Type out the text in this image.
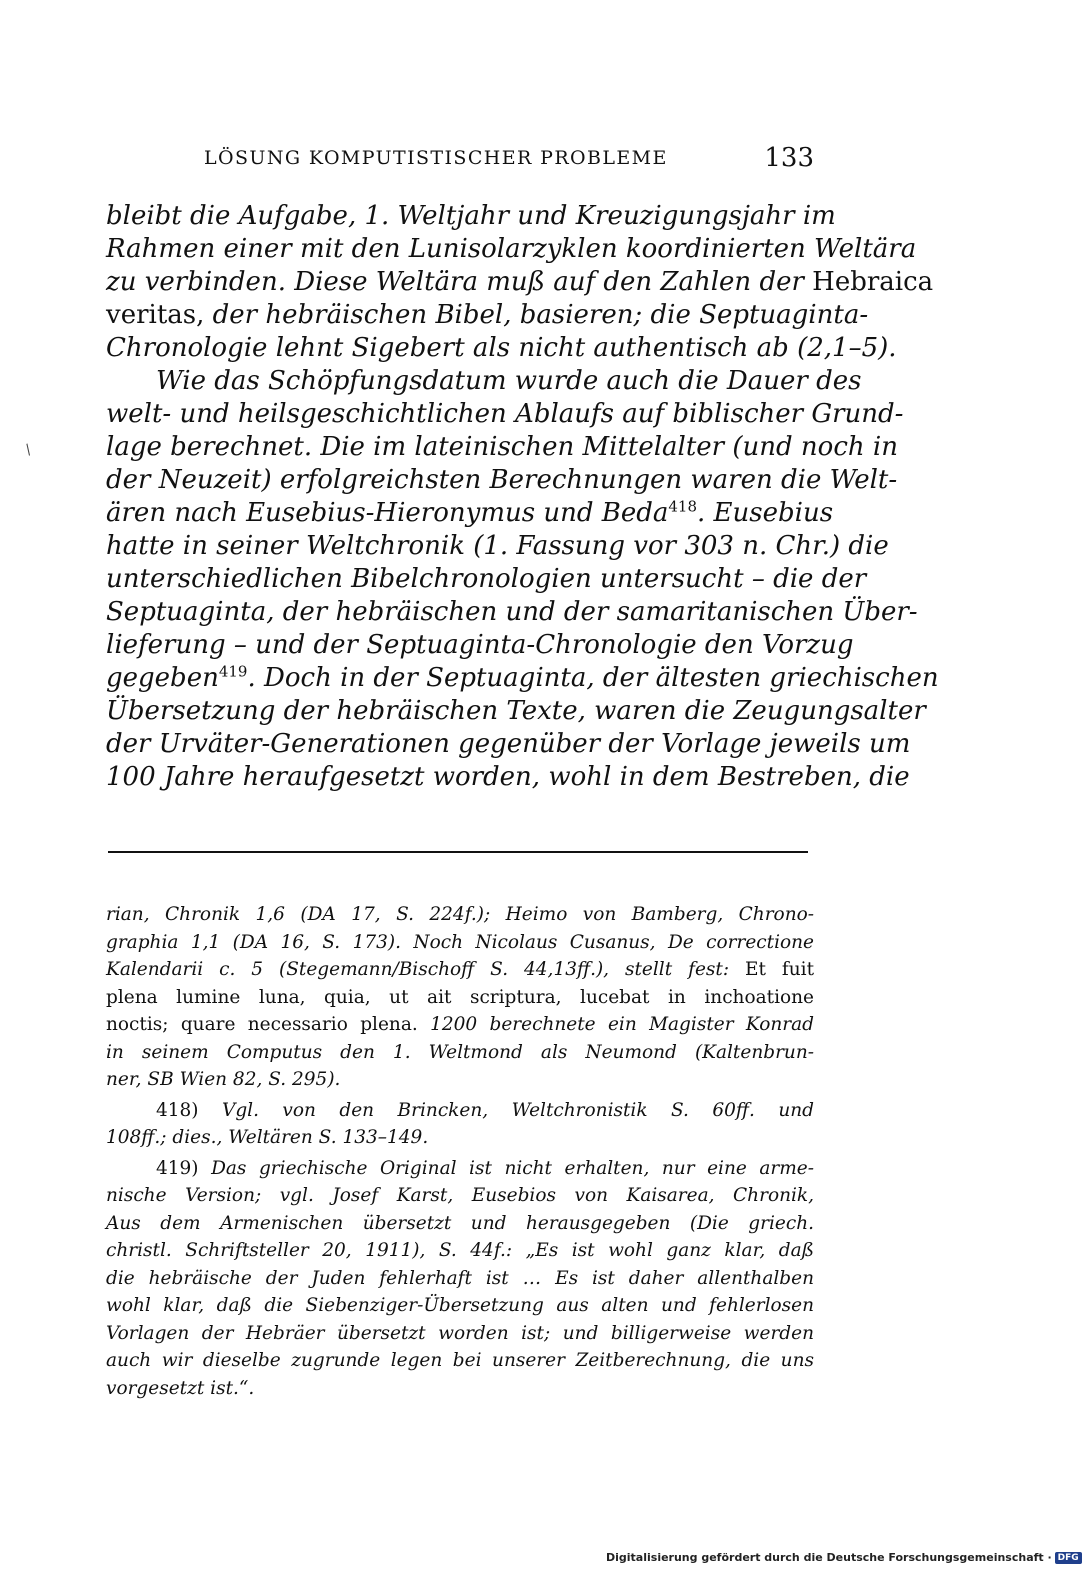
LÖSUNG KOMPUTISTISCHER PROBLEME	133
/
bleibt die Aufgabe, 1. Weltjahr und Kreuzigungsjahr im
Rahmen einer mit den Lunisolarzyklen koordinierten Weltära
zu verbinden. Diese Weltära muß auf den Zahlen der Hebraica
veritas, der hebräischen Bibel, basieren; die Septuaginta-
Chronologie lehnt Sigebert als nicht authentisch ab (2,1–5).
Wie das Schöpfungsdatum wurde auch die Dauer des
welt- und heilsgeschichtlichen Ablaufs auf biblischer Grund-
lage berechnet. Die im lateinischen Mittelalter (und noch in
der Neuzeit) erfolgreichsten Berechnungen waren die Welt-
ären nach Eusebius-Hieronymus und Beda$^{418}$. Eusebius
hatte in seiner Weltchronik (1. Fassung vor 303 n. Chr.) die
unterschiedlichen Bibelchronologien untersucht – die der
Septuaginta, der hebräischen und der samaritanischen Über-
lieferung – und der Septuaginta-Chronologie den Vorzug
gegeben$^{419}$. Doch in der Septuaginta, der ältesten griechischen
Übersetzung der hebräischen Texte, waren die Zeugungsalter
der Urväter-Generationen gegenüber der Vorlage jeweils um
100 Jahre heraufgesetzt worden, wohl in dem Bestreben, die
rian, Chronik 1,6 (DA 17, S. 224f.); Heimo von Bamberg, Chrono-
graphia 1,1 (DA 16, S. 173). Noch Nicolaus Cusanus, De correctione
Kalendarii c. 5 (Stegemann/Bischoff S. 44,13ff.), stellt fest: Et fuit
plena lumine luna, quia, ut ait scriptura, lucebat in inchoatione
noctis; quare necessario plena. 1200 berechnete ein Magister Konrad
in seinem Computus den 1. Weltmond als Neumond (Kaltenbrun-
ner, SB Wien 82, S. 295).
418) Vgl. von den Brincken, Weltchronistik S. 60ff. und
108ff.; dies., Weltären S. 133–149.
419) Das griechische Original ist nicht erhalten, nur eine arme-
nische Version; vgl. Josef Karst, Eusebios von Kaisarea, Chronik,
Aus dem Armenischen übersetzt und herausgegeben (Die griech.
christl. Schriftsteller 20, 1911), S. 44f.: „Es ist wohl ganz klar, daß
die hebräische der Juden fehlerhaft ist … Es ist daher allenthalben
wohl klar, daß die Siebenziger-Übersetzung aus alten und fehlerlosen
Vorlagen der Hebräer übersetzt worden ist; und billigerweise werden
auch wir dieselbe zugrunde legen bei unserer Zeitberechnung, die uns
vorgesetzt ist.“.
Digitalisierung gefördert durch die Deutsche Forschungsgemeinschaft · DFG
